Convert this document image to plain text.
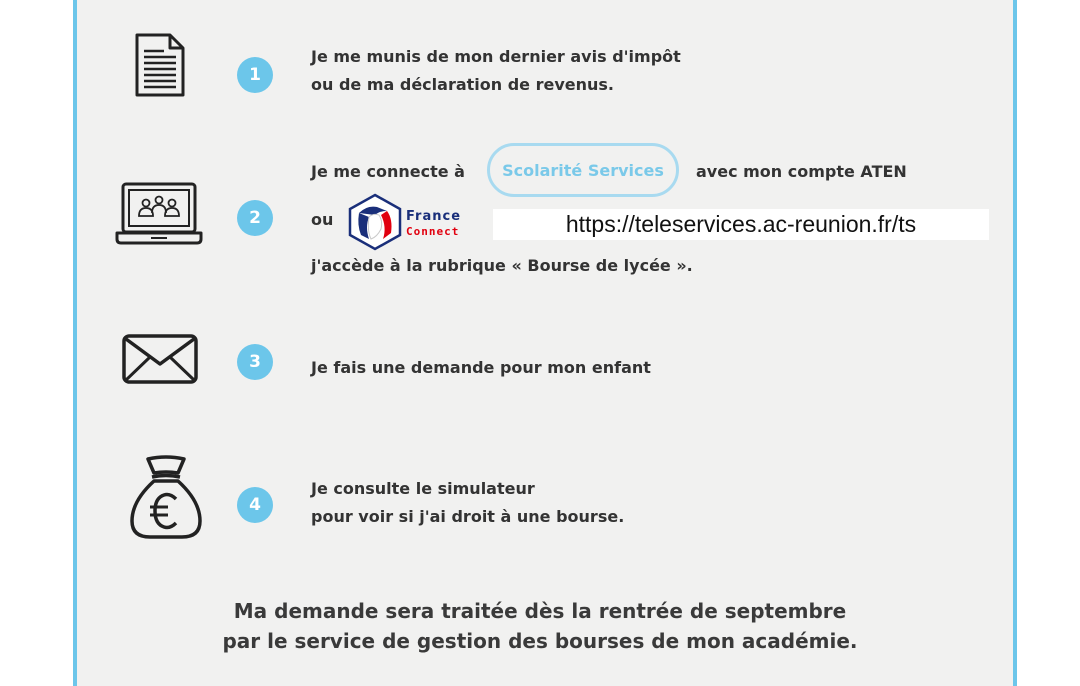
1
Je me munis de mon dernier avis d'impôt
ou de ma déclaration de revenus.
2
Je me connecte à	Scolarité Services	avec mon compte ATEN
ou	France
Connect	https://teleservices.ac-reunion.fr/ts
j'accède à la rubrique « Bourse de lycée ».
3	Je fais une demande pour mon enfant
4
Je consulte le simulateur
pour voir si j'ai droit à une bourse.
Ma demande sera traitée dès la rentrée de septembre
par le service de gestion des bourses de mon académie.
